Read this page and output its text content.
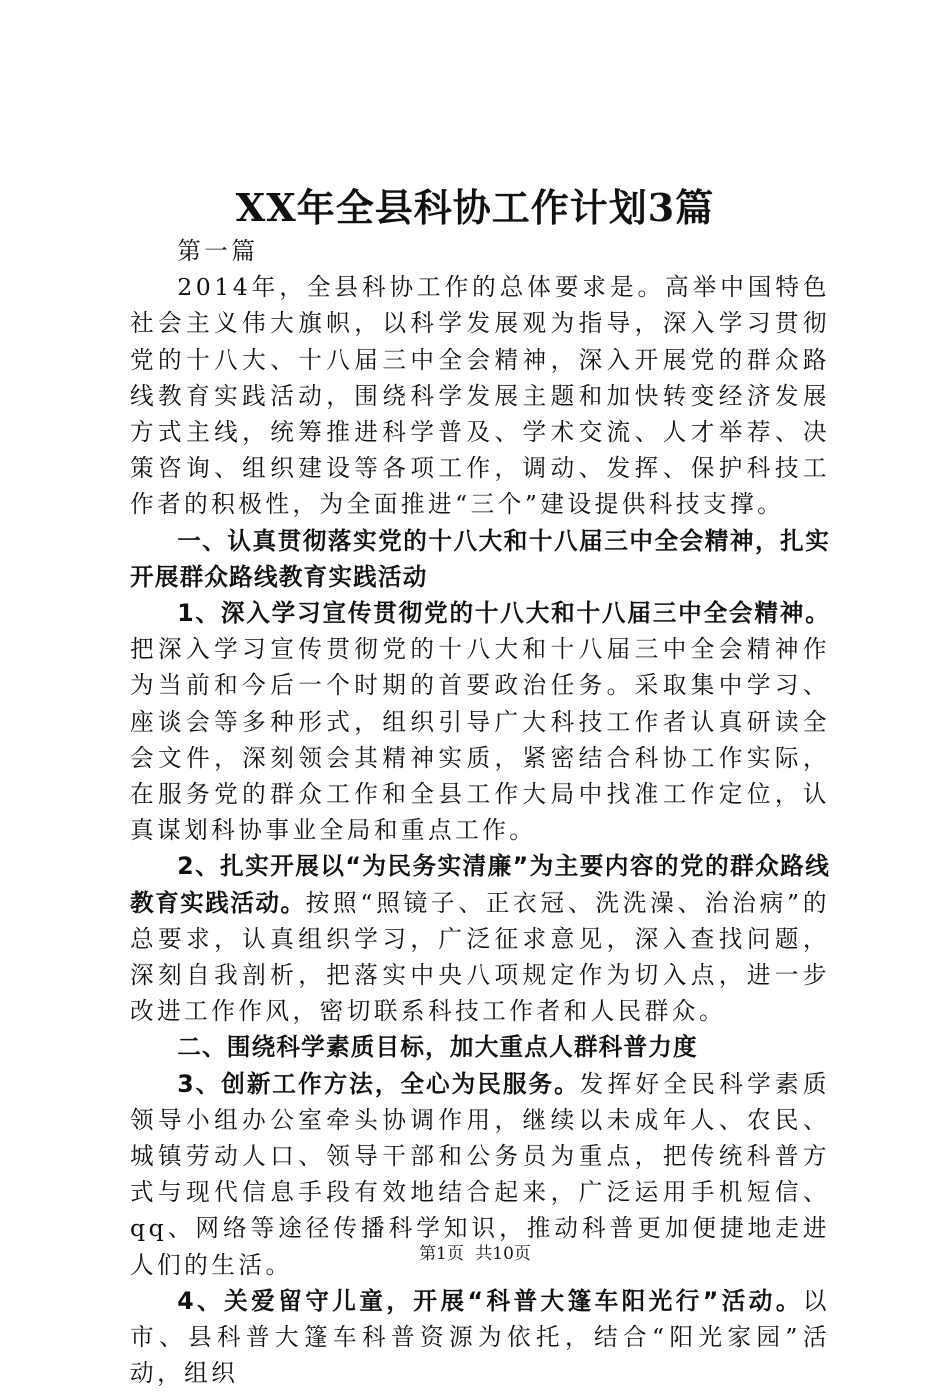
XX年全县科协工作计划3篇

第一篇

2014年，全县科协工作的总体要求是。高举中国特色社会主义伟大旗帜，以科学发展观为指导，深入学习贯彻党的十八大、十八届三中全会精神，深入开展党的群众路线教育实践活动，围绕科学发展主题和加快转变经济发展方式主线，统筹推进科学普及、学术交流、人才举荐、决策咨询、组织建设等各项工作，调动、发挥、保护科技工作者的积极性，为全面推进“三个”建设提供科技支撑。

一、认真贯彻落实党的十八大和十八届三中全会精神，扎实开展群众路线教育实践活动

1、深入学习宣传贯彻党的十八大和十八届三中全会精神。把深入学习宣传贯彻党的十八大和十八届三中全会精神作为当前和今后一个时期的首要政治任务。采取集中学习、座谈会等多种形式，组织引导广大科技工作者认真研读全会文件，深刻领会其精神实质，紧密结合科协工作实际，在服务党的群众工作和全县工作大局中找准工作定位，认真谋划科协事业全局和重点工作。

2、扎实开展以“为民务实清廉”为主要内容的党的群众路线教育实践活动。按照“照镜子、正衣冠、洗洗澡、治治病”的总要求，认真组织学习，广泛征求意见，深入查找问题，深刻自我剖析，把落实中央八项规定作为切入点，进一步改进工作作风，密切联系科技工作者和人民群众。

二、围绕科学素质目标，加大重点人群科普力度

3、创新工作方法，全心为民服务。发挥好全民科学素质领导小组办公室牵头协调作用，继续以未成年人、农民、城镇劳动人口、领导干部和公务员为重点，把传统科普方式与现代信息手段有效地结合起来，广泛运用手机短信、qq、网络等途径传播科学知识，推动科普更加便捷地走进人们的生活。

4、关爱留守儿童，开展“科普大篷车阳光行”活动。以市、县科普大篷车科普资源为依托，结合“阳光家园”活动，组织

第1页 共10页
